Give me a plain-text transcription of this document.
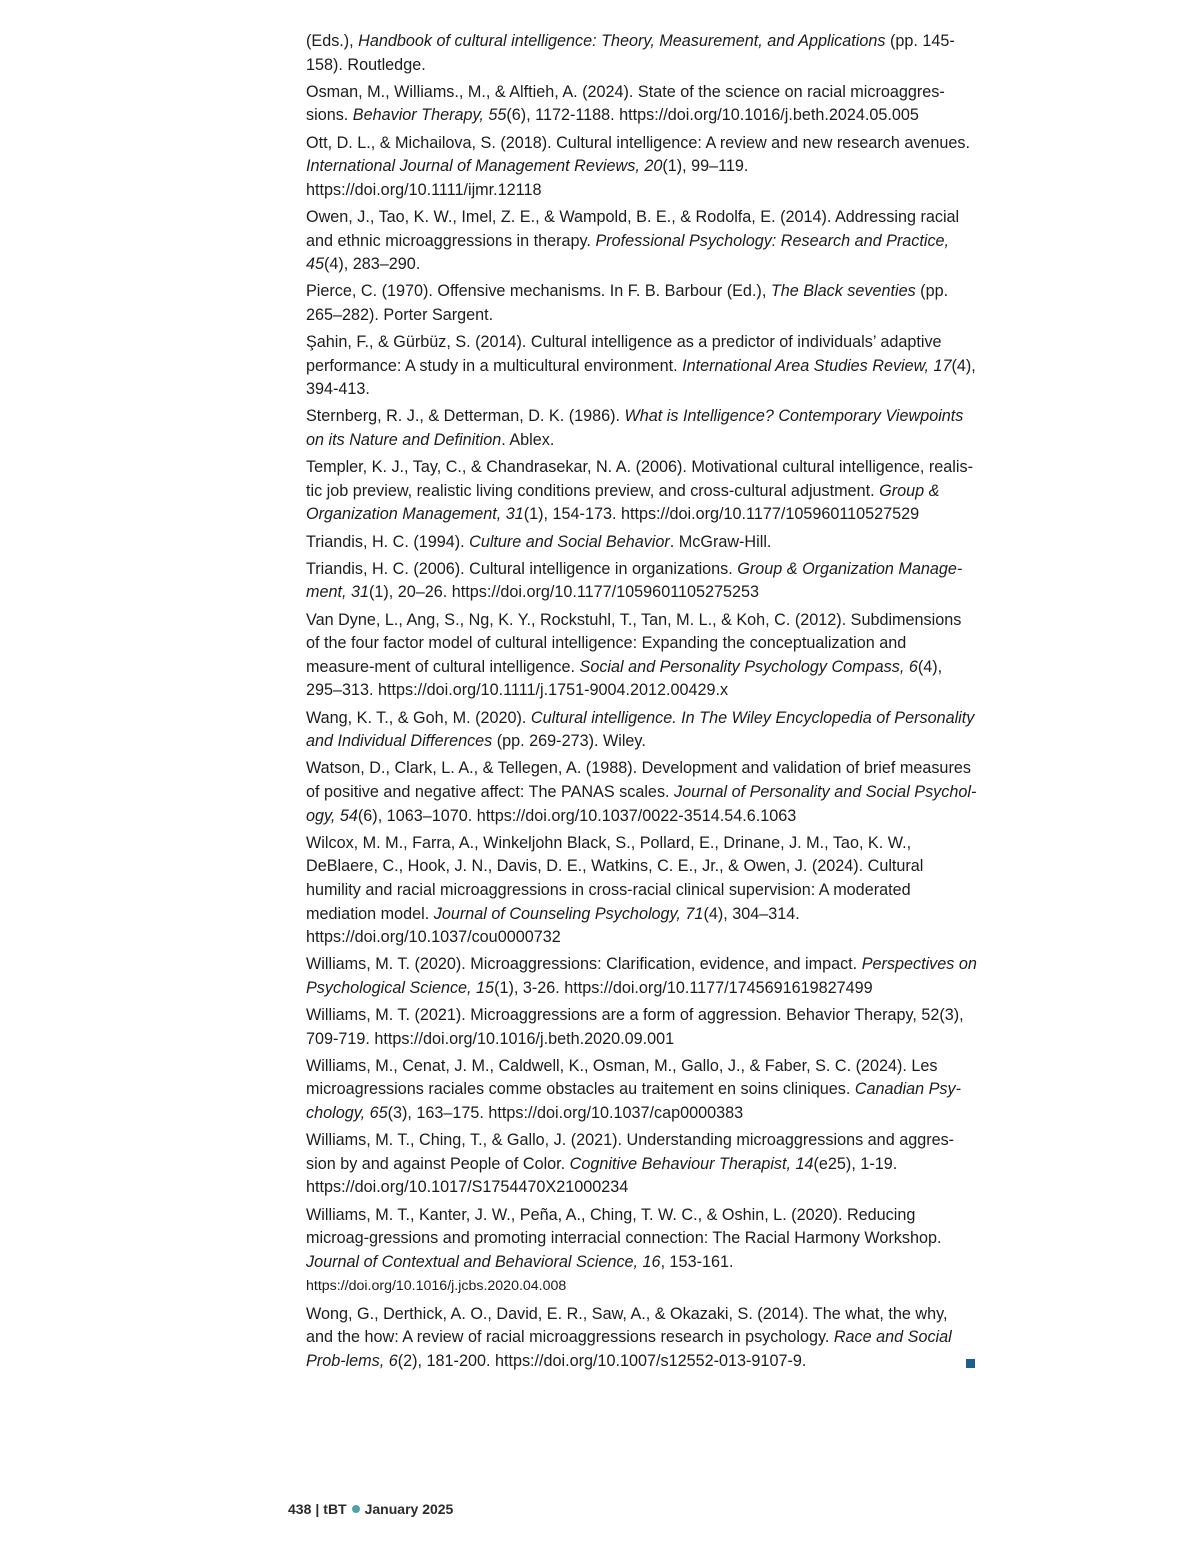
(Eds.), Handbook of cultural intelligence: Theory, Measurement, and Applications (pp. 145-158). Routledge.

Osman, M., Williams., M., & Alftieh, A. (2024). State of the science on racial microaggres-sions. Behavior Therapy, 55(6), 1172-1188. https://doi.org/10.1016/j.beth.2024.05.005

Ott, D. L., & Michailova, S. (2018). Cultural intelligence: A review and new research avenues. International Journal of Management Reviews, 20(1), 99–119. https://doi.org/10.1111/ijmr.12118

Owen, J., Tao, K. W., Imel, Z. E., & Wampold, B. E., & Rodolfa, E. (2014). Addressing racial and ethnic microaggressions in therapy. Professional Psychology: Research and Practice, 45(4), 283–290.

Pierce, C. (1970). Offensive mechanisms. In F. B. Barbour (Ed.), The Black seventies (pp. 265–282). Porter Sargent.

Şahin, F., & Gürbüz, S. (2014). Cultural intelligence as a predictor of individuals’ adaptive performance: A study in a multicultural environment. International Area Studies Review, 17(4), 394-413.

Sternberg, R. J., & Detterman, D. K. (1986). What is Intelligence? Contemporary Viewpoints on its Nature and Definition. Ablex.

Templer, K. J., Tay, C., & Chandrasekar, N. A. (2006). Motivational cultural intelligence, realis-tic job preview, realistic living conditions preview, and cross-cultural adjustment. Group & Organization Management, 31(1), 154-173. https://doi.org/10.1177/105960110527529

Triandis, H. C. (1994). Culture and Social Behavior. McGraw-Hill.

Triandis, H. C. (2006). Cultural intelligence in organizations. Group & Organization Manage-ment, 31(1), 20–26. https://doi.org/10.1177/1059601105275253

Van Dyne, L., Ang, S., Ng, K. Y., Rockstuhl, T., Tan, M. L., & Koh, C. (2012). Subdimensions of the four factor model of cultural intelligence: Expanding the conceptualization and measure-ment of cultural intelligence. Social and Personality Psychology Compass, 6(4), 295–313. https://doi.org/10.1111/j.1751-9004.2012.00429.x

Wang, K. T., & Goh, M. (2020). Cultural intelligence. In The Wiley Encyclopedia of Personality and Individual Differences (pp. 269-273). Wiley.

Watson, D., Clark, L. A., & Tellegen, A. (1988). Development and validation of brief measures of positive and negative affect: The PANAS scales. Journal of Personality and Social Psychol-ogy, 54(6), 1063–1070. https://doi.org/10.1037/0022-3514.54.6.1063

Wilcox, M. M., Farra, A., Winkeljohn Black, S., Pollard, E., Drinane, J. M., Tao, K. W., DeBlaere, C., Hook, J. N., Davis, D. E., Watkins, C. E., Jr., & Owen, J. (2024). Cultural humility and racial microaggressions in cross-racial clinical supervision: A moderated mediation model. Journal of Counseling Psychology, 71(4), 304–314. https://doi.org/10.1037/cou0000732

Williams, M. T. (2020). Microaggressions: Clarification, evidence, and impact. Perspectives on Psychological Science, 15(1), 3-26. https://doi.org/10.1177/1745691619827499

Williams, M. T. (2021). Microaggressions are a form of aggression. Behavior Therapy, 52(3), 709-719. https://doi.org/10.1016/j.beth.2020.09.001

Williams, M., Cenat, J. M., Caldwell, K., Osman, M., Gallo, J., & Faber, S. C. (2024). Les microagressions raciales comme obstacles au traitement en soins cliniques. Canadian Psy-chology, 65(3), 163–175. https://doi.org/10.1037/cap0000383

Williams, M. T., Ching, T., & Gallo, J. (2021). Understanding microaggressions and aggres-sion by and against People of Color. Cognitive Behaviour Therapist, 14(e25), 1-19. https://doi.org/10.1017/S1754470X21000234

Williams, M. T., Kanter, J. W., Peña, A., Ching, T. W. C., & Oshin, L. (2020). Reducing microag-gressions and promoting interracial connection: The Racial Harmony Workshop. Journal of Contextual and Behavioral Science, 16, 153-161. https://doi.org/10.1016/j.jcbs.2020.04.008

Wong, G., Derthick, A. O., David, E. R., Saw, A., & Okazaki, S. (2014). The what, the why, and the how: A review of racial microaggressions research in psychology. Race and Social Prob-lems, 6(2), 181-200. https://doi.org/10.1007/s12552-013-9107-9.

438 | tBT January 2025
